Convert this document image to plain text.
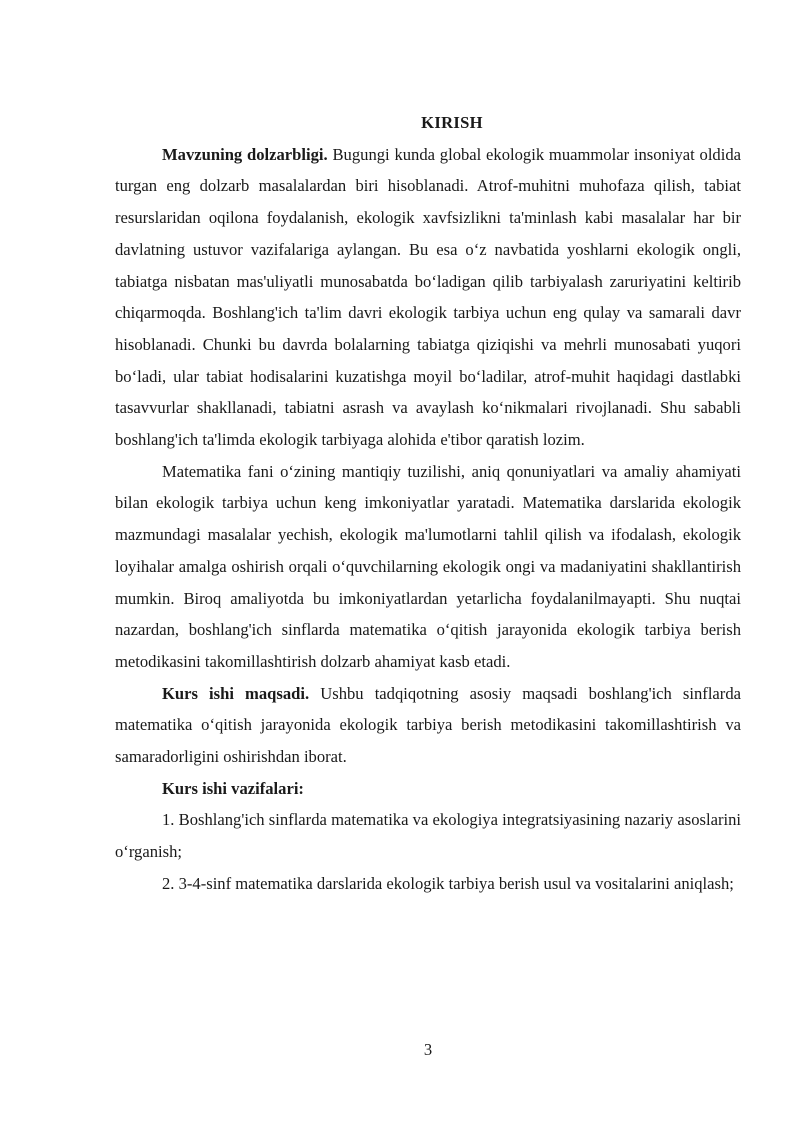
KIRISH

Mavzuning dolzarbligi. Bugungi kunda global ekologik muammolar insoniyat oldida turgan eng dolzarb masalalardan biri hisoblanadi. Atrof-muhitni muhofaza qilish, tabiat resurslaridan oqilona foydalanish, ekologik xavfsizlikni ta'minlash kabi masalalar har bir davlatning ustuvor vazifalariga aylangan. Bu esa o‘z navbatida yoshlarni ekologik ongli, tabiatga nisbatan mas'uliyatli munosabatda bo‘ladigan qilib tarbiyalash zaruriyatini keltirib chiqarmoqda. Boshlang'ich ta'lim davri ekologik tarbiya uchun eng qulay va samarali davr hisoblanadi. Chunki bu davrda bolalarning tabiatga qiziqishi va mehrli munosabati yuqori bo‘ladi, ular tabiat hodisalarini kuzatishga moyil bo‘ladilar, atrof-muhit haqidagi dastlabki tasavvurlar shakllanadi, tabiatni asrash va avaylash ko‘nikmalari rivojlanadi. Shu sababli boshlang'ich ta'limda ekologik tarbiyaga alohida e'tibor qaratish lozim.

Matematika fani o‘zining mantiqiy tuzilishi, aniq qonuniyatlari va amaliy ahamiyati bilan ekologik tarbiya uchun keng imkoniyatlar yaratadi. Matematika darslarida ekologik mazmundagi masalalar yechish, ekologik ma'lumotlarni tahlil qilish va ifodalash, ekologik loyihalar amalga oshirish orqali o‘quvchilarning ekologik ongi va madaniyatini shakllantirish mumkin. Biroq amaliyotda bu imkoniyatlardan yetarlicha foydalanilmayapti. Shu nuqtai nazardan, boshlang'ich sinflarda matematika o‘qitish jarayonida ekologik tarbiya berish metodikasini takomillashtirish dolzarb ahamiyat kasb etadi.

Kurs ishi maqsadi. Ushbu tadqiqotning asosiy maqsadi boshlang'ich sinflarda matematika o‘qitish jarayonida ekologik tarbiya berish metodikasini takomillashtirish va samaradorligini oshirishdan iborat.

Kurs ishi vazifalari:

1. Boshlang'ich sinflarda matematika va ekologiya integratsiyasining nazariy asoslarini o‘rganish;

2. 3-4-sinf matematika darslarida ekologik tarbiya berish usul va vositalarini aniqlash;

3
